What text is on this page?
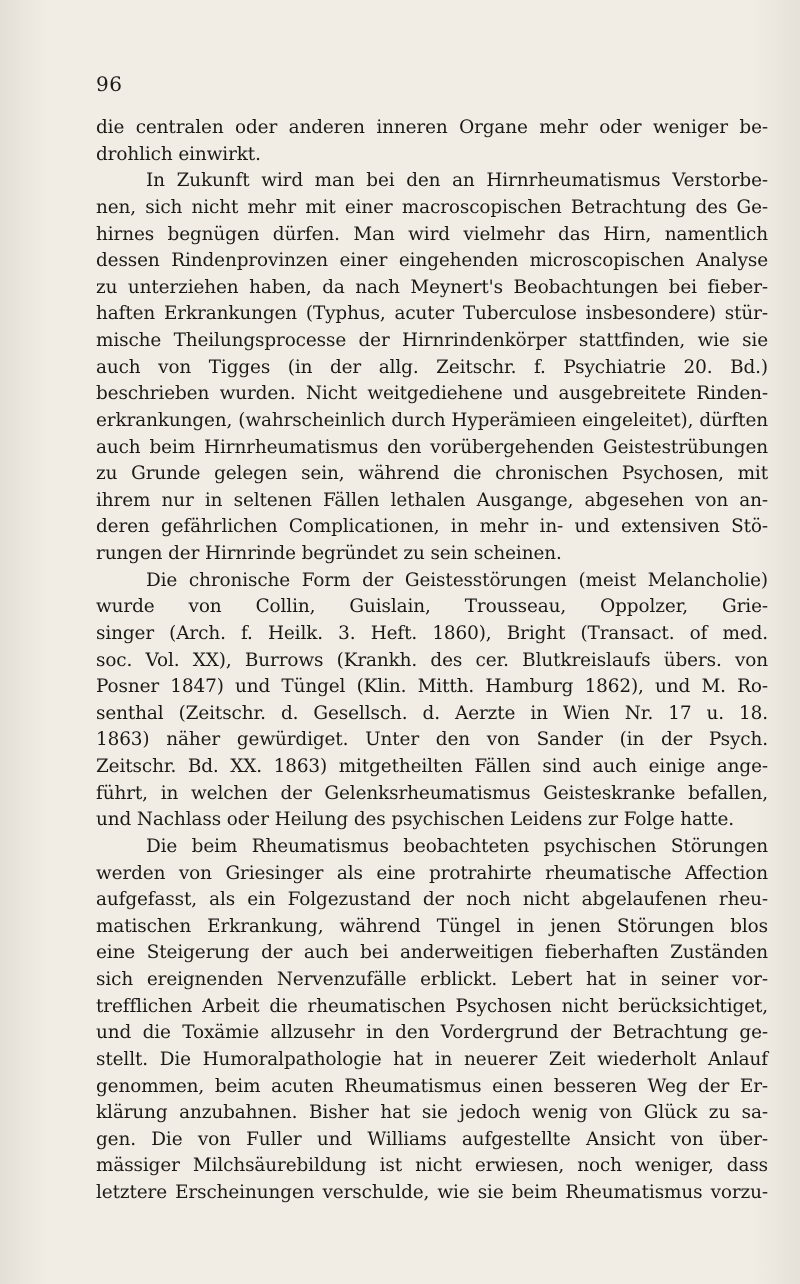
96
die centralen oder anderen inneren Organe mehr oder weniger be-
drohlich einwirkt.
In Zukunft wird man bei den an Hirnrheumatismus Verstorbe-
nen, sich nicht mehr mit einer macroscopischen Betrachtung des Ge-
hirnes begnügen dürfen. Man wird vielmehr das Hirn, namentlich
dessen Rindenprovinzen einer eingehenden microscopischen Analyse
zu unterziehen haben, da nach Meynert's Beobachtungen bei fieber-
haften Erkrankungen (Typhus, acuter Tuberculose insbesondere) stür-
mische Theilungsprocesse der Hirnrindenkörper stattfinden, wie sie
auch von Tigges (in der allg. Zeitschr. f. Psychiatrie 20. Bd.)
beschrieben wurden. Nicht weitgediehene und ausgebreitete Rinden-
erkrankungen, (wahrscheinlich durch Hyperämieen eingeleitet), dürften
auch beim Hirnrheumatismus den vorübergehenden Geistestrübungen
zu Grunde gelegen sein, während die chronischen Psychosen, mit
ihrem nur in seltenen Fällen lethalen Ausgange, abgesehen von an-
deren gefährlichen Complicationen, in mehr in- und extensiven Stö-
rungen der Hirnrinde begründet zu sein scheinen.
Die chronische Form der Geistesstörungen (meist Melancholie)
wurde von Collin, Guislain, Trousseau, Oppolzer, Grie-
singer (Arch. f. Heilk. 3. Heft. 1860), Bright (Transact. of med.
soc. Vol. XX), Burrows (Krankh. des cer. Blutkreislaufs übers. von
Posner 1847) und Tüngel (Klin. Mitth. Hamburg 1862), und M. Ro-
senthal (Zeitschr. d. Gesellsch. d. Aerzte in Wien Nr. 17 u. 18.
1863) näher gewürdiget. Unter den von Sander (in der Psych.
Zeitschr. Bd. XX. 1863) mitgetheilten Fällen sind auch einige ange-
führt, in welchen der Gelenksrheumatismus Geisteskranke befallen,
und Nachlass oder Heilung des psychischen Leidens zur Folge hatte.
Die beim Rheumatismus beobachteten psychischen Störungen
werden von Griesinger als eine protrahirte rheumatische Affection
aufgefasst, als ein Folgezustand der noch nicht abgelaufenen rheu-
matischen Erkrankung, während Tüngel in jenen Störungen blos
eine Steigerung der auch bei anderweitigen fieberhaften Zuständen
sich ereignenden Nervenzufälle erblickt. Lebert hat in seiner vor-
trefflichen Arbeit die rheumatischen Psychosen nicht berücksichtiget,
und die Toxämie allzusehr in den Vordergrund der Betrachtung ge-
stellt. Die Humoralpathologie hat in neuerer Zeit wiederholt Anlauf
genommen, beim acuten Rheumatismus einen besseren Weg der Er-
klärung anzubahnen. Bisher hat sie jedoch wenig von Glück zu sa-
gen. Die von Fuller und Williams aufgestellte Ansicht von über-
mässiger Milchsäurebildung ist nicht erwiesen, noch weniger, dass
letztere Erscheinungen verschulde, wie sie beim Rheumatismus vorzu-
